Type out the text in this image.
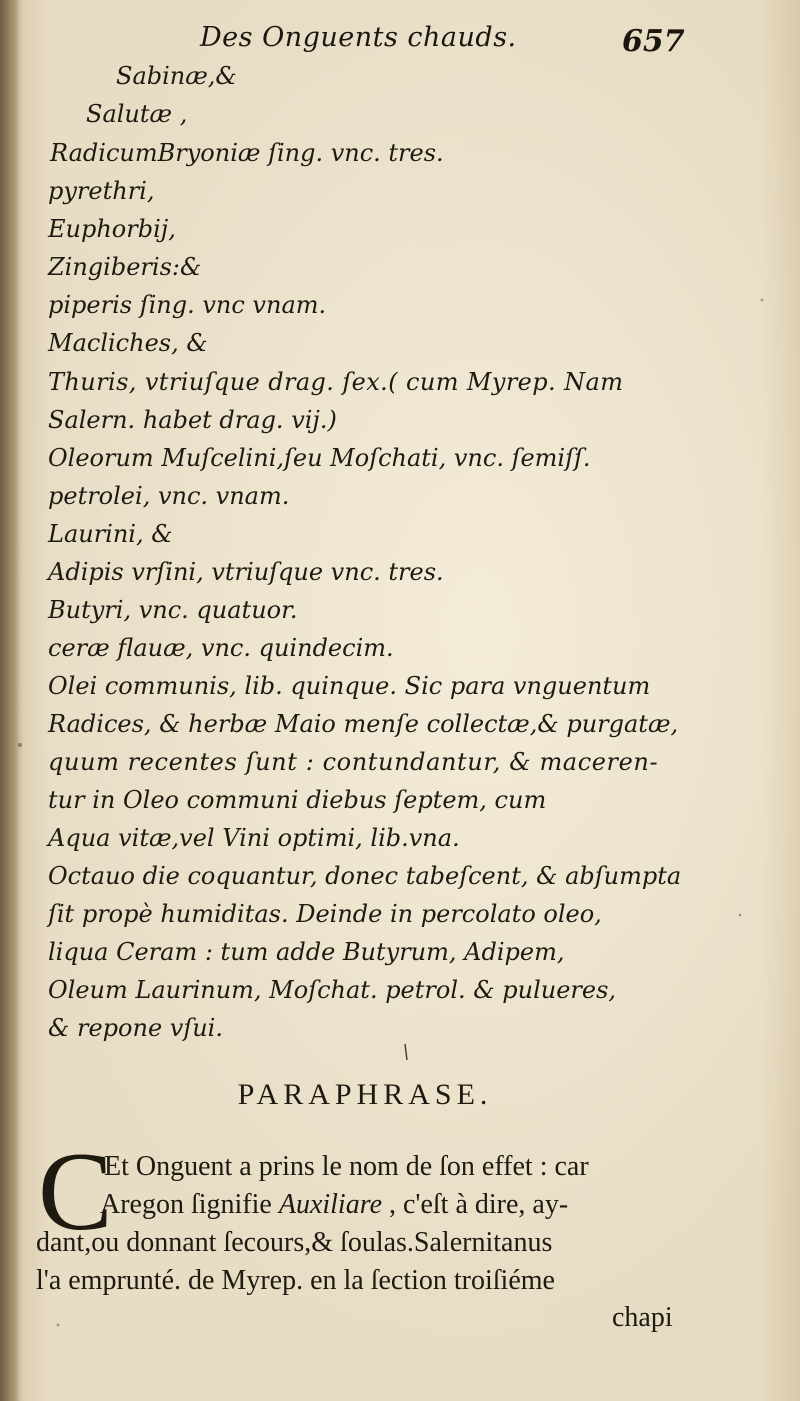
Des Onguents chauds.	657
Sabinæ,&
Salutæ ,
RadicumBryoniæ ſing. vnc. tres.
pyrethri,
Euphorbij,
Zingiberis:&
piperis ſing. vnc vnam.
Macliches, &
Thuris, vtriuſque drag. ſex.( cum Myrep. Nam
Salern. habet drag. vij.)
Oleorum Muſcelini,ſeu Moſchati, vnc. ſemiſſ.
petrolei, vnc. vnam.
Laurini, &
Adipis vrſini, vtriuſque vnc. tres.
Butyri, vnc. quatuor.
ceræ flauæ, vnc. quindecim.
Olei communis, lib. quinque. Sic para vnguentum
Radices, & herbæ Maio menſe collectæ,& purgatæ,
quum recentes ſunt : contundantur, & maceren-
tur in Oleo communi diebus ſeptem, cum
Aqua vitæ,vel Vini optimi, lib.vna.
Octauo die coquantur, donec tabeſcent, & abſumpta
ſit propè humiditas. Deinde in percolato oleo,
liqua Ceram : tum adde Butyrum, Adipem,
Oleum Laurinum, Moſchat. petrol. & pulueres,
& repone vſui.
PARAPHRASE.
C
Et Onguent a prins le nom de ſon effet : car
Aregon ſignifie Auxiliare , c'eſt à dire, ay-
dant,ou donnant ſecours,& ſoulas.Salernitanus
l'a emprunté. de Myrep. en la ſection troiſiéme
chapi
